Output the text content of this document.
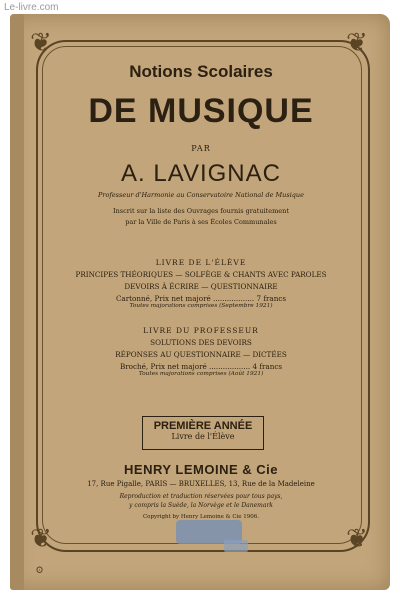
Le-livre.com
❦	❦
❦	❦
Notions Scolaires
DE MUSIQUE
PAR
A. LAVIGNAC
Professeur d'Harmonie au Conservatoire National de Musique
Inscrit sur la liste des Ouvrages fournis gratuitement
par la Ville de Paris à ses Écoles Communales
LIVRE DE L'ÉLÈVE
PRINCIPES THÉORIQUES — SOLFÈGE & CHANTS AVEC PAROLES
DEVOIRS À ÉCRIRE — QUESTIONNAIRE
Cartonné, Prix net majoré .................. 7 francs
Toutes majorations comprises (Septembre 1921)
LIVRE DU PROFESSEUR
SOLUTIONS DES DEVOIRS
RÉPONSES AU QUESTIONNAIRE — DICTÉES
Broché, Prix net majoré .................. 4 francs
Toutes majorations comprises (Août 1921)
PREMIÈRE ANNÉE
Livre de l'Élève
HENRY LEMOINE & Cie
17, Rue Pigalle, PARIS — BRUXELLES, 13, Rue de la Madeleine
Reproduction et traduction réservées pour tous pays,
y compris la Suède, la Norvège et le Danemark
Copyright by Henry Lemoine & Cie 1906.
Ꙩ
